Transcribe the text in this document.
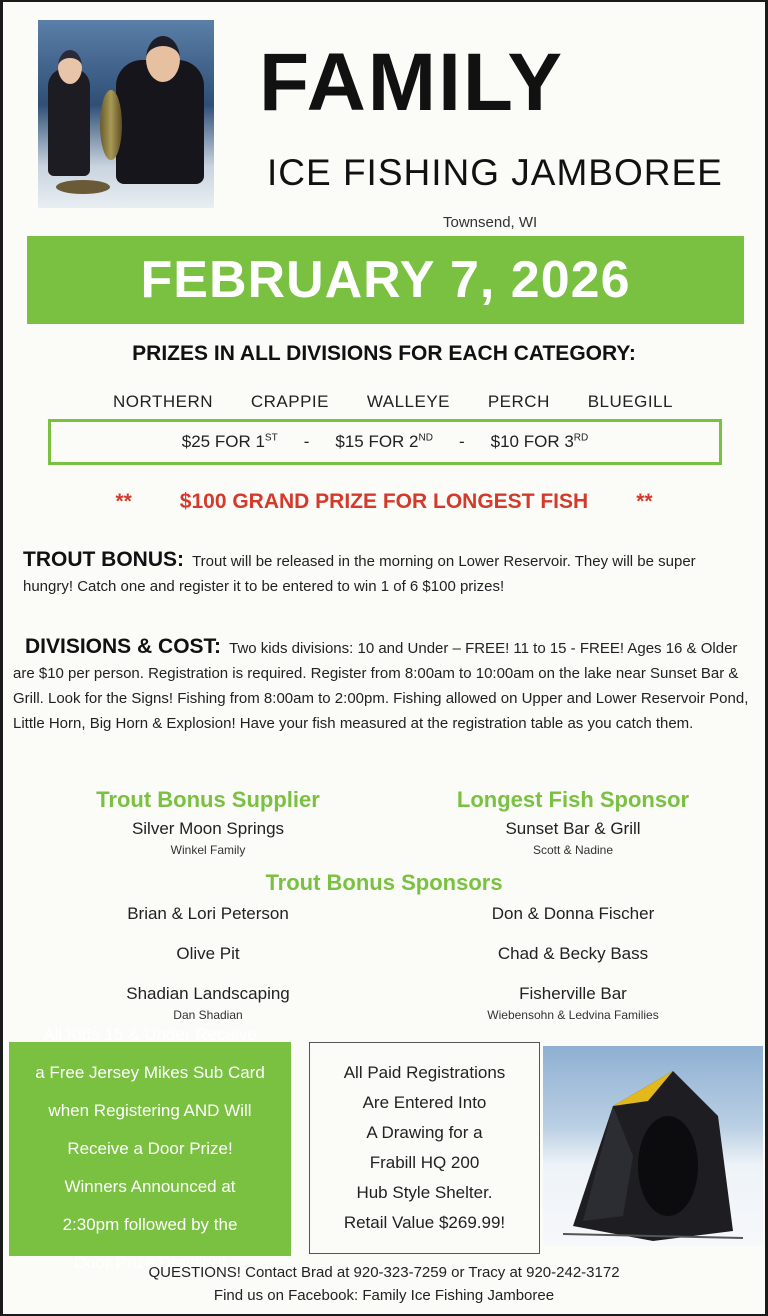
FAMILY
ICE FISHING JAMBOREE
Townsend, WI
FEBRUARY 7, 2026
PRIZES IN ALL DIVISIONS FOR EACH CATEGORY:
NORTHERN CRAPPIE WALLEYE PERCH BLUEGILL
$25 FOR 1ST - $15 FOR 2ND - $10 FOR 3RD
** $100 GRAND PRIZE FOR LONGEST FISH **
TROUT BONUS: Trout will be released in the morning on Lower Reservoir. They will be super hungry! Catch one and register it to be entered to win 1 of 6 $100 prizes!
DIVISIONS & COST: Two kids divisions: 10 and Under – FREE! 11 to 15 - FREE! Ages 16 & Older are $10 per person. Registration is required. Register from 8:00am to 10:00am on the lake near Sunset Bar & Grill. Look for the Signs! Fishing from 8:00am to 2:00pm. Fishing allowed on Upper and Lower Reservoir Pond, Little Horn, Big Horn & Explosion! Have your fish measured at the registration table as you catch them.
Trout Bonus Supplier
Silver Moon Springs
Winkel Family
Longest Fish Sponsor
Sunset Bar & Grill
Scott & Nadine
Trout Bonus Sponsors
Brian & Lori Peterson
Olive Pit
Shadian Landscaping
Dan Shadian
Don & Donna Fischer
Chad & Becky Bass
Fisherville Bar
Wiebensohn & Ledvina Families
All Kids 15 & Under Receive
a Free Jersey Mikes Sub Card
when Registering AND Will
Receive a Door Prize!
Winners Announced at
2:30pm followed by the
Door Prize Drawing!
All Paid Registrations
Are Entered Into
A Drawing for a
Frabill HQ 200
Hub Style Shelter.
Retail Value $269.99!
QUESTIONS! Contact Brad at 920-323-7259 or Tracy at 920-242-3172
Find us on Facebook: Family Ice Fishing Jamboree
